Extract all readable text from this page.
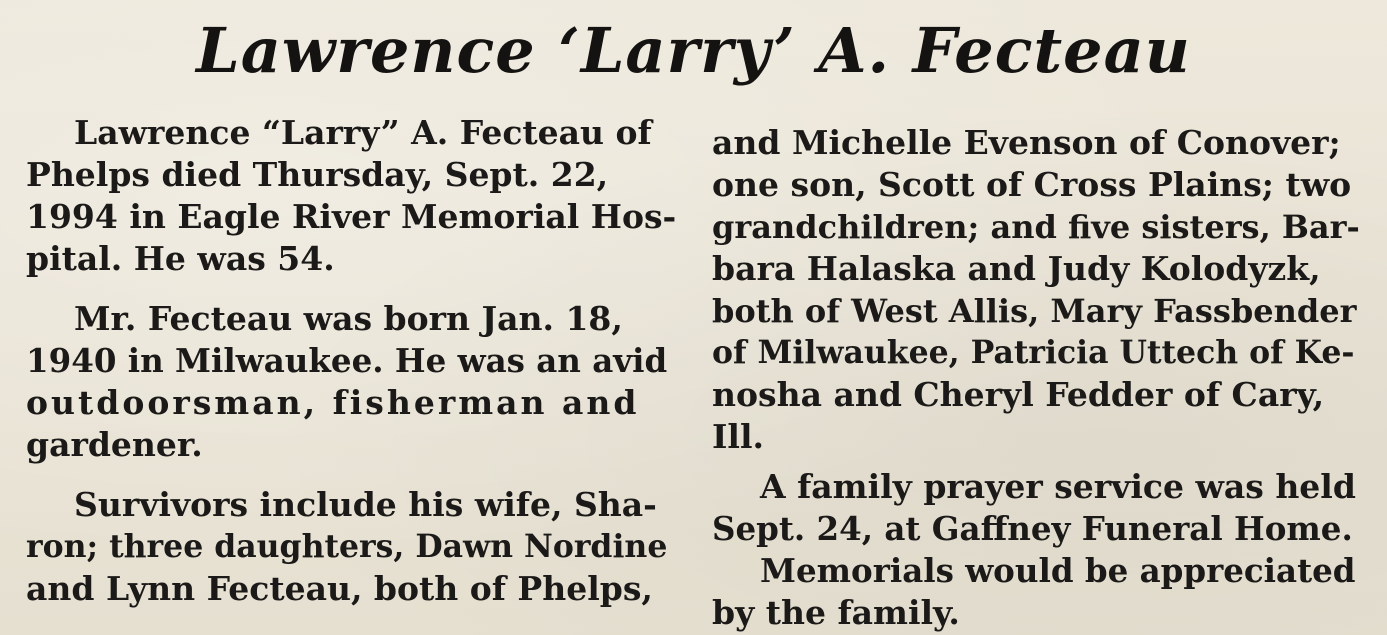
Lawrence ‘Larry’ A. Fecteau

Lawrence “Larry” A. Fecteau of

Phelps died Thursday, Sept. 22,

1994 in Eagle River Memorial Hos-

pital. He was 54.

Mr. Fecteau was born Jan. 18,

1940 in Milwaukee. He was an avid

outdoorsman, fisherman and

gardener.

Survivors include his wife, Sha-

ron; three daughters, Dawn Nordine

and Lynn Fecteau, both of Phelps,

and Michelle Evenson of Conover;

one son, Scott of Cross Plains; two

grandchildren; and five sisters, Bar-

bara Halaska and Judy Kolodyzk,

both of West Allis, Mary Fassbender

of Milwaukee, Patricia Uttech of Ke-

nosha and Cheryl Fedder of Cary,

Ill.

A family prayer service was held

Sept. 24, at Gaffney Funeral Home.

Memorials would be appreciated

by the family.
